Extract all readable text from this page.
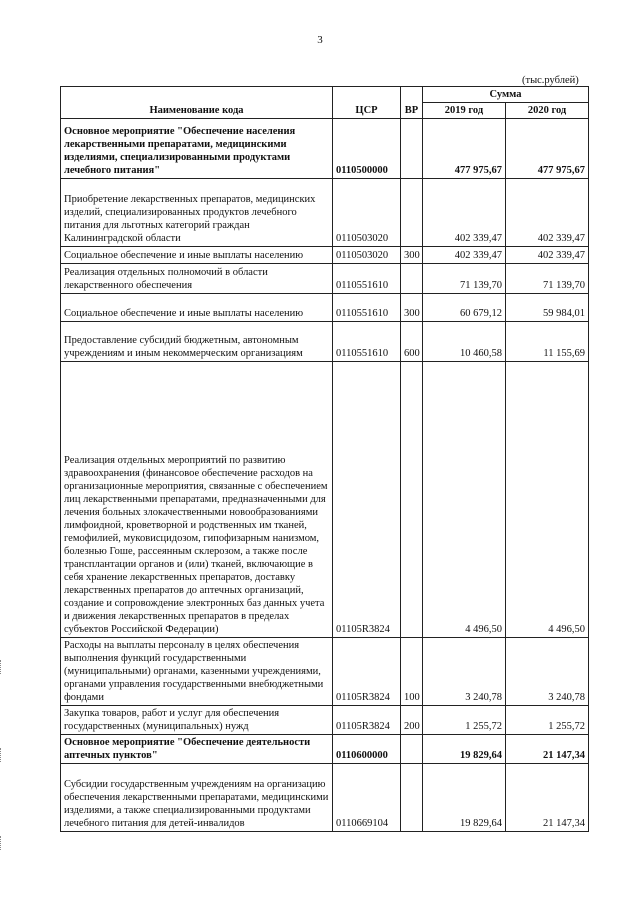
3
(тыс.рублей)
Наименование кода	ЦСР	ВР	Сумма	
			2019 год	2020 год
Основное мероприятие "Обеспечение населения лекарственными препаратами, медицинскими изделиями, специализированными продуктами лечебного питания"	0110500000		477 975,67	477 975,67
Приобретение лекарственных препаратов, медицинских изделий, специализированных продуктов лечебного питания для льготных категорий граждан Калининградской области	0110503020		402 339,47	402 339,47
Социальное обеспечение и иные выплаты населению	0110503020	300	402 339,47	402 339,47
Реализация отдельных полномочий в области лекарственного обеспечения	0110551610		71 139,70	71 139,70
Социальное обеспечение и иные выплаты населению	0110551610	300	60 679,12	59 984,01
Предоставление субсидий бюджетным, автономным учреждениям и иным некоммерческим организациям	0110551610	600	10 460,58	11 155,69
Реализация отдельных мероприятий по развитию здравоохранения (финансовое обеспечение расходов на организационные мероприятия, связанные с обеспечением лиц лекарственными препаратами, предназначенными для лечения больных злокачественными новообразованиями лимфоидной, кроветворной и родственных им тканей, гемофилией, муковисцидозом, гипофизарным нанизмом, болезнью Гоше, рассеянным склерозом, а также после трансплантации органов и (или) тканей, включающие в себя хранение лекарственных препаратов, доставку лекарственных препаратов до аптечных организаций, создание и сопровождение электронных баз данных учета и движения лекарственных препаратов в пределах субъектов Российской Федерации)	01105R3824		4 496,50	4 496,50
Расходы на выплаты персоналу в целях обеспечения выполнения функций государственными (муниципальными) органами, казенными учреждениями, органами управления государственными внебюджетными фондами	01105R3824	100	3 240,78	3 240,78
Закупка товаров, работ и услуг для обеспечения государственных (муниципальных) нужд	01105R3824	200	1 255,72	1 255,72
Основное мероприятие "Обеспечение деятельности аптечных пунктов"	0110600000		19 829,64	21 147,34
Субсидии государственным учреждениям на организацию обеспечения лекарственными препаратами, медицинскими изделиями, а также специализированными продуктами лечебного питания для детей-инвалидов	0110669104		19 829,64	21 147,34
